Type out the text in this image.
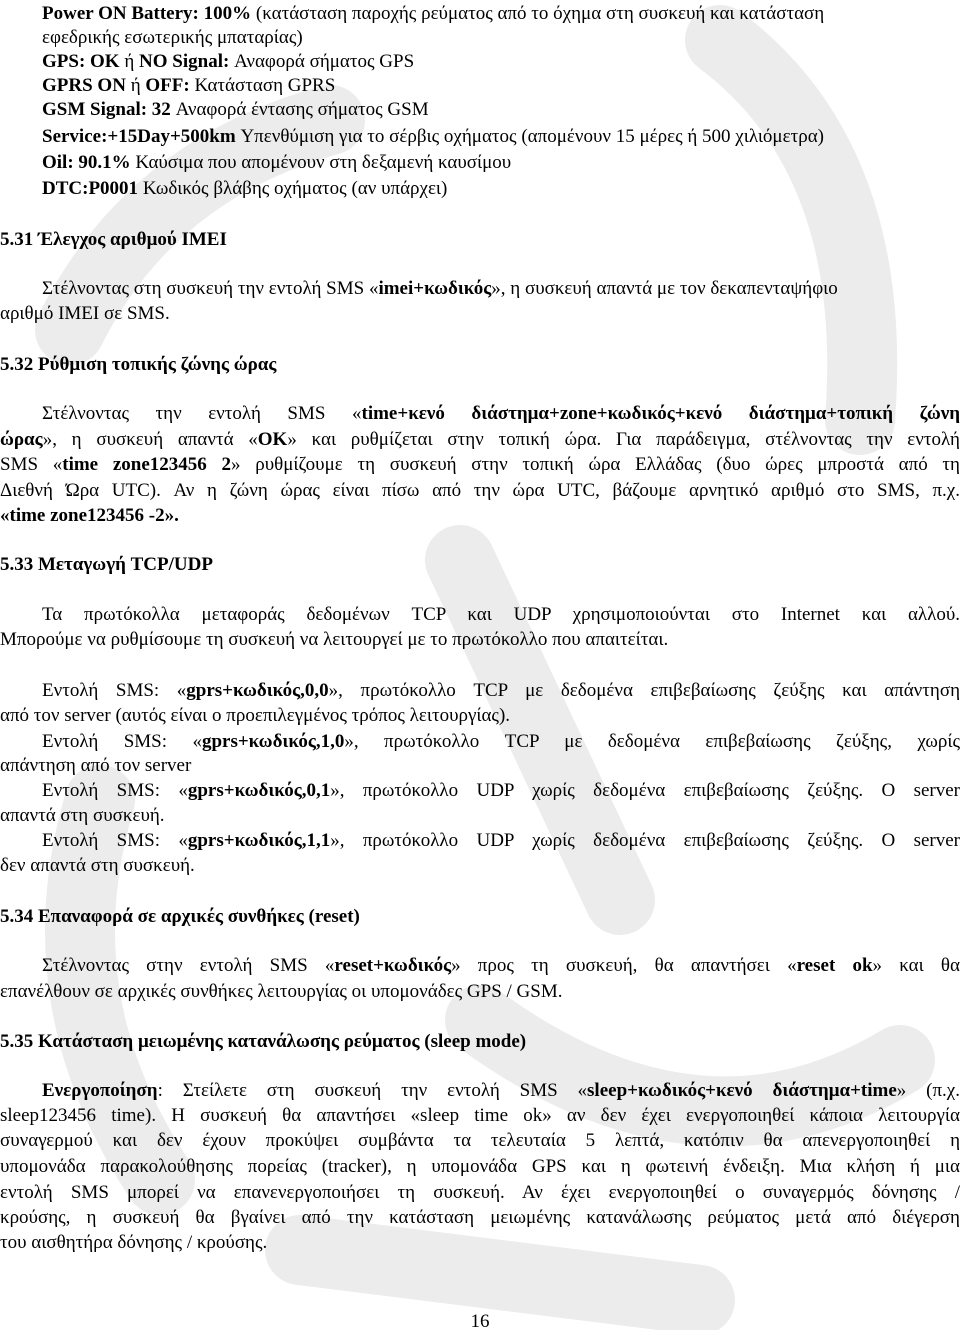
Power ON Battery: 100% (κατάσταση παροχής ρεύματος από το όχημα στη συσκευή και κατάσταση
εφεδρικής εσωτερικής μπαταρίας)
GPS: OK ή NO Signal: Αναφορά σήματος GPS
GPRS ON ή OFF: Κατάσταση GPRS
GSM Signal: 32 Αναφορά έντασης σήματος GSM
Service:+15Day+500km Υπενθύμιση για το σέρβις οχήματος (απομένουν 15 μέρες ή 500 χιλιόμετρα)
Oil: 90.1% Καύσιμα που απομένουν στη δεξαμενή καυσίμου
DTC:P0001 Κωδικός βλάβης οχήματος (αν υπάρχει)
5.31 Έλεγχος αριθμού IMEI
Στέλνοντας στη συσκευή την εντολή SMS «imei+κωδικός», η συσκευή απαντά με τον δεκαπενταψήφιο
αριθμό IMEI σε SMS.
5.32 Ρύθμιση τοπικής ζώνης ώρας
Στέλνοντας την εντολή SMS «time+κενό διάστημα+zone+κωδικός+κενό διάστημα+τοπική ζώνη
ώρας», η συσκευή απαντά «OK» και ρυθμίζεται στην τοπική ώρα. Για παράδειγμα, στέλνοντας την εντολή
SMS «time zone123456 2» ρυθμίζουμε τη συσκευή στην τοπική ώρα Ελλάδας (δυο ώρες μπροστά από τη
Διεθνή Ώρα UTC). Αν η ζώνη ώρας είναι πίσω από την ώρα UTC, βάζουμε αρνητικό αριθμό στο SMS, π.χ.
«time zone123456 -2».
5.33 Μεταγωγή TCP/UDP
Τα πρωτόκολλα μεταφοράς δεδομένων TCP και UDP χρησιμοποιούνται στο Internet και αλλού.
Μπορούμε να ρυθμίσουμε τη συσκευή να λειτουργεί με το πρωτόκολλο που απαιτείται.
Εντολή SMS: «gprs+κωδικός,0,0», πρωτόκολλο TCP με δεδομένα επιβεβαίωσης ζεύξης και απάντηση
από τον server (αυτός είναι ο προεπιλεγμένος τρόπος λειτουργίας).
Εντολή SMS: «gprs+κωδικός,1,0», πρωτόκολλο TCP με δεδομένα επιβεβαίωσης ζεύξης, χωρίς
απάντηση από τον server
Εντολή SMS: «gprs+κωδικός,0,1», πρωτόκολλο UDP χωρίς δεδομένα επιβεβαίωσης ζεύξης. Ο server
απαντά στη συσκευή.
Εντολή SMS: «gprs+κωδικός,1,1», πρωτόκολλο UDP χωρίς δεδομένα επιβεβαίωσης ζεύξης. Ο server
δεν απαντά στη συσκευή.
5.34 Επαναφορά σε αρχικές συνθήκες (reset)
Στέλνοντας στην εντολή SMS «reset+κωδικός» προς τη συσκευή, θα απαντήσει «reset ok» και θα
επανέλθουν σε αρχικές συνθήκες λειτουργίας οι υπομονάδες GPS / GSM.
5.35 Κατάσταση μειωμένης κατανάλωσης ρεύματος (sleep mode)
Ενεργοποίηση: Στείλετε στη συσκευή την εντολή SMS «sleep+κωδικός+κενό διάστημα+time» (π.χ.
sleep123456 time). Η συσκευή θα απαντήσει «sleep time ok» αν δεν έχει ενεργοποιηθεί κάποια λειτουργία
συναγερμού και δεν έχουν προκύψει συμβάντα τα τελευταία 5 λεπτά, κατόπιν θα απενεργοποιηθεί η
υπομονάδα παρακολούθησης πορείας (tracker), η υπομονάδα GPS και η φωτεινή ένδειξη. Μια κλήση ή μια
εντολή SMS μπορεί να επανενεργοποιήσει τη συσκευή. Αν έχει ενεργοποιηθεί ο συναγερμός δόνησης /
κρούσης, η συσκευή θα βγαίνει από την κατάσταση μειωμένης κατανάλωσης ρεύματος μετά από διέγερση
του αισθητήρα δόνησης / κρούσης.
16
